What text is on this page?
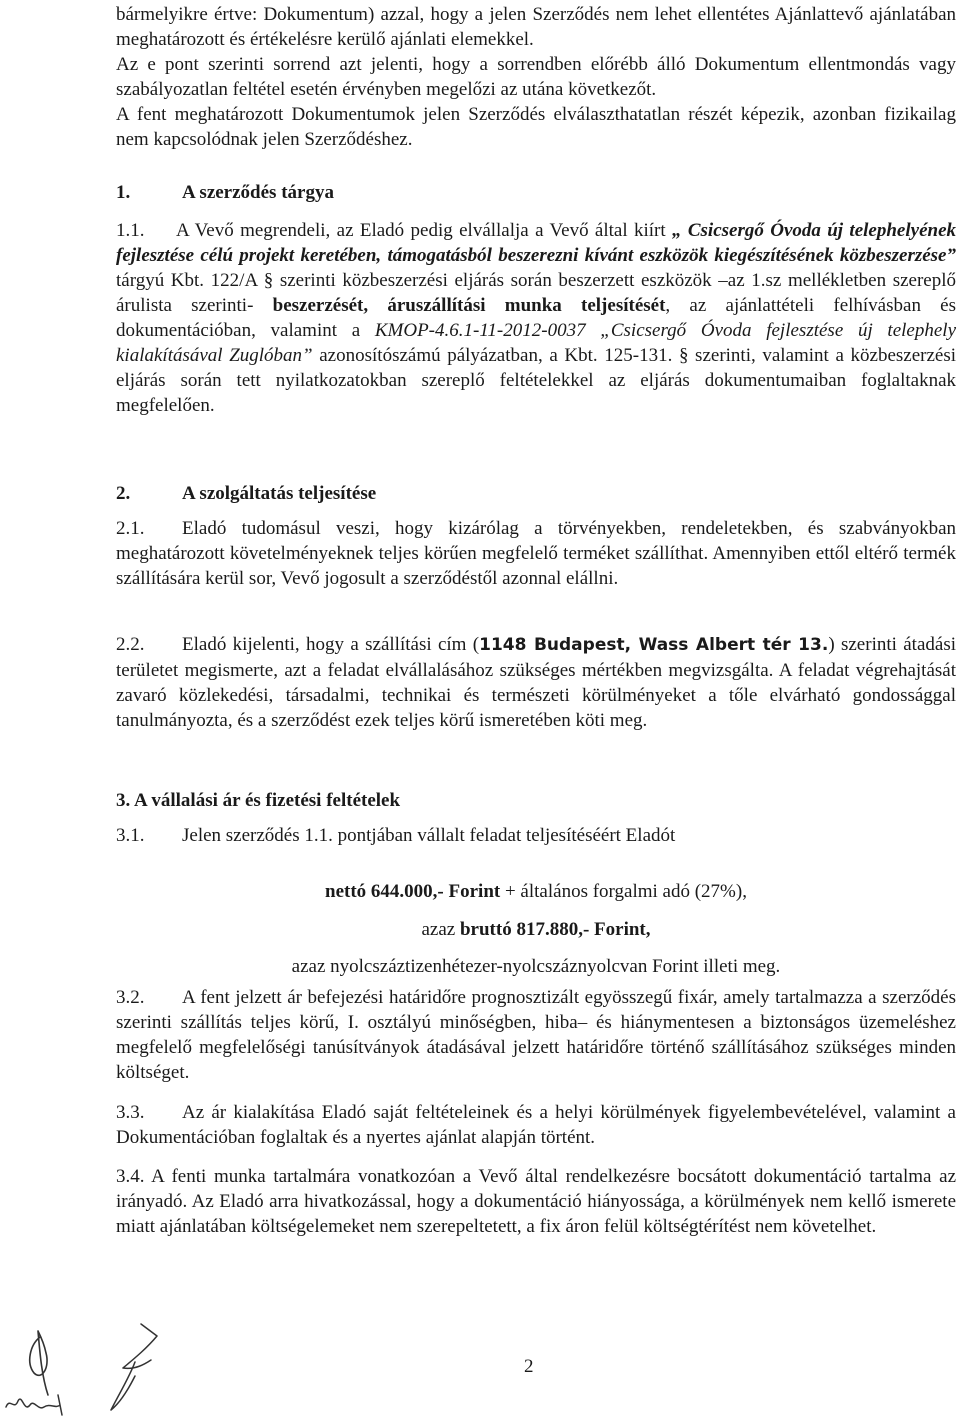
bármelyikre értve: Dokumentum) azzal, hogy a jelen Szerződés nem lehet ellentétes Ajánlattevő ajánlatában meghatározott és értékelésre kerülő ajánlati elemekkel.

Az e pont szerinti sorrend azt jelenti, hogy a sorrendben előrébb álló Dokumentum ellentmondás vagy szabályozatlan feltétel esetén érvényben megelőzi az utána következőt.

A fent meghatározott Dokumentumok jelen Szerződés elválaszthatatlan részét képezik, azonban fizikailag nem kapcsolódnak jelen Szerződéshez.

1.	A szerződés tárgya

1.1. A Vevő megrendeli, az Eladó pedig elvállalja a Vevő által kiírt „ Csicsergő Óvoda új telephelyének fejlesztése célú projekt keretében, támogatásból beszerezni kívánt eszközök kiegészítésének közbeszerzése” tárgyú Kbt. 122/A § szerinti közbeszerzési eljárás során beszerzett eszközök –az 1.sz mellékletben szereplő árulista szerinti- beszerzését, áruszállítási munka teljesítését, az ajánlattételi felhívásban és dokumentációban, valamint a KMOP-4.6.1-11-2012-0037 „Csicsergő Óvoda fejlesztése új telephely kialakításával Zuglóban” azonosítószámú pályázatban, a Kbt. 125-131. § szerinti, valamint a közbeszerzési eljárás során tett nyilatkozatokban szereplő feltételekkel az eljárás dokumentumaiban foglaltaknak megfelelően.

2.	A szolgáltatás teljesítése

2.1. Eladó tudomásul veszi, hogy kizárólag a törvényekben, rendeletekben, és szabványokban meghatározott követelményeknek teljes körűen megfelelő terméket szállíthat. Amennyiben ettől eltérő termék szállítására kerül sor, Vevő jogosult a szerződéstől azonnal elállni.

2.2. Eladó kijelenti, hogy a szállítási cím (1148 Budapest, Wass Albert tér 13.) szerinti átadási területet megismerte, azt a feladat elvállalásához szükséges mértékben megvizsgálta. A feladat végrehajtását zavaró közlekedési, társadalmi, technikai és természeti körülményeket a tőle elvárható gondossággal tanulmányozta, és a szerződést ezek teljes körű ismeretében köti meg.

3. A vállalási ár és fizetési feltételek

3.1. Jelen szerződés 1.1. pontjában vállalt feladat teljesítéséért Eladót

nettó 644.000,- Forint + általános forgalmi adó (27%),

azaz bruttó 817.880,- Forint,

azaz nyolcszáztizenhétezer-nyolcszáznyolcvan Forint illeti meg.

3.2. A fent jelzett ár befejezési határidőre prognosztizált egyösszegű fixár, amely tartalmazza a szerződés szerinti szállítás teljes körű, I. osztályú minőségben, hiba– és hiánymentesen a biztonságos üzemeléshez megfelelő megfelelőségi tanúsítványok átadásával jelzett határidőre történő szállításához szükséges minden költséget.

3.3. Az ár kialakítása Eladó saját feltételeinek és a helyi körülmények figyelembevételével, valamint a Dokumentációban foglaltak és a nyertes ajánlat alapján történt.

3.4. A fenti munka tartalmára vonatkozóan a Vevő által rendelkezésre bocsátott dokumentáció tartalma az irányadó. Az Eladó arra hivatkozással, hogy a dokumentáció hiányossága, a körülmények nem kellő ismerete miatt ajánlatában költségelemeket nem szerepeltetett, a fix áron felül költségtérítést nem követelhet.

2
